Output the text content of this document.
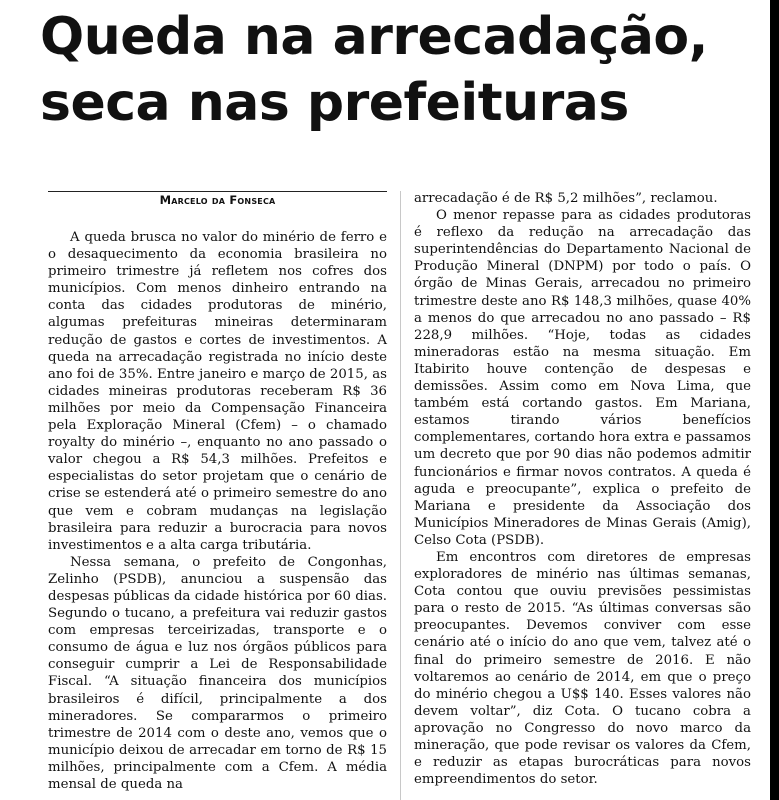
Queda na arrecadação,
seca nas prefeituras
Marcelo da Fonseca

A queda brusca no valor do minério de ferro e o desaquecimento da economia brasileira no primeiro trimestre já refletem nos cofres dos municípios. Com menos dinheiro entrando na conta das cidades produtoras de minério, algumas prefeituras mineiras determinaram redução de gastos e cortes de investimentos. A queda na arrecadação registrada no início deste ano foi de 35%. Entre janeiro e março de 2015, as cidades mineiras produtoras receberam R$ 36 milhões por meio da Compensação Financeira pela Exploração Mineral (Cfem) – o chamado royalty do minério –, enquanto no ano passado o valor chegou a R$ 54,3 milhões. Prefeitos e especialistas do setor projetam que o cenário de crise se estenderá até o primeiro semestre do ano que vem e cobram mudanças na legislação brasileira para reduzir a burocracia para novos investimentos e a alta carga tributária.

Nessa semana, o prefeito de Congonhas, Zelinho (PSDB), anunciou a suspensão das despesas públicas da cidade histórica por 60 dias. Segundo o tucano, a prefeitura vai reduzir gastos com empresas terceirizadas, transporte e o consumo de água e luz nos órgãos públicos para conseguir cumprir a Lei de Responsabilidade Fiscal. “A situação financeira dos municípios brasileiros é difícil, principalmente a dos mineradores. Se compararmos o primeiro trimestre de 2014 com o deste ano, vemos que o município deixou de arrecadar em torno de R$ 15 milhões, principalmente com a Cfem. A média mensal de queda na

arrecadação é de R$ 5,2 milhões”, reclamou.

O menor repasse para as cidades produtoras é reflexo da redução na arrecadação das superintendências do Departamento Nacional de Produção Mineral (DNPM) por todo o país. O órgão de Minas Gerais, arrecadou no primeiro trimestre deste ano R$ 148,3 milhões, quase 40% a menos do que arrecadou no ano passado – R$ 228,9 milhões. “Hoje, todas as cidades mineradoras estão na mesma situação. Em Itabirito houve contenção de despesas e demissões. Assim como em Nova Lima, que também está cortando gastos. Em Mariana, estamos tirando vários benefícios complementares, cortando hora extra e passamos um decreto que por 90 dias não podemos admitir funcionários e firmar novos contratos. A queda é aguda e preocupante”, explica o prefeito de Mariana e presidente da Associação dos Municípios Mineradores de Minas Gerais (Amig), Celso Cota (PSDB).

Em encontros com diretores de empresas exploradores de minério nas últimas semanas, Cota contou que ouviu previsões pessimistas para o resto de 2015. “As últimas conversas são preocupantes. Devemos conviver com esse cenário até o início do ano que vem, talvez até o final do primeiro semestre de 2016. E não voltaremos ao cenário de 2014, em que o preço do minério chegou a U$$ 140. Esses valores não devem voltar”, diz Cota. O tucano cobra a aprovação no Congresso do novo marco da mineração, que pode revisar os valores da Cfem, e reduzir as etapas burocráticas para novos empreendimentos do setor.
